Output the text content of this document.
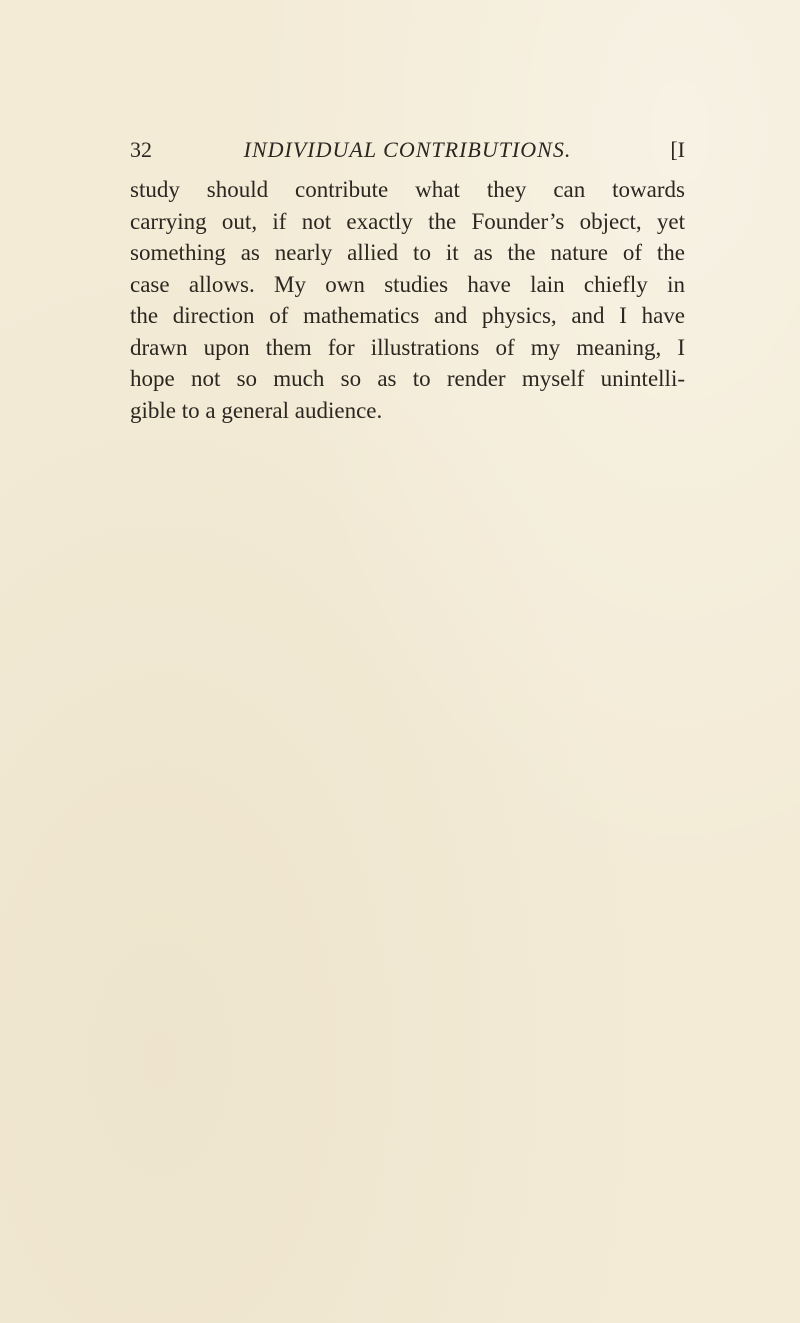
32	INDIVIDUAL CONTRIBUTIONS.	[I
study should contribute what they can towards
carrying out, if not exactly the Founder’s object, yet
something as nearly allied to it as the nature of the
case allows. My own studies have lain chiefly in
the direction of mathematics and physics, and I have
drawn upon them for illustrations of my meaning, I
hope not so much so as to render myself unintelli-
gible to a general audience.
